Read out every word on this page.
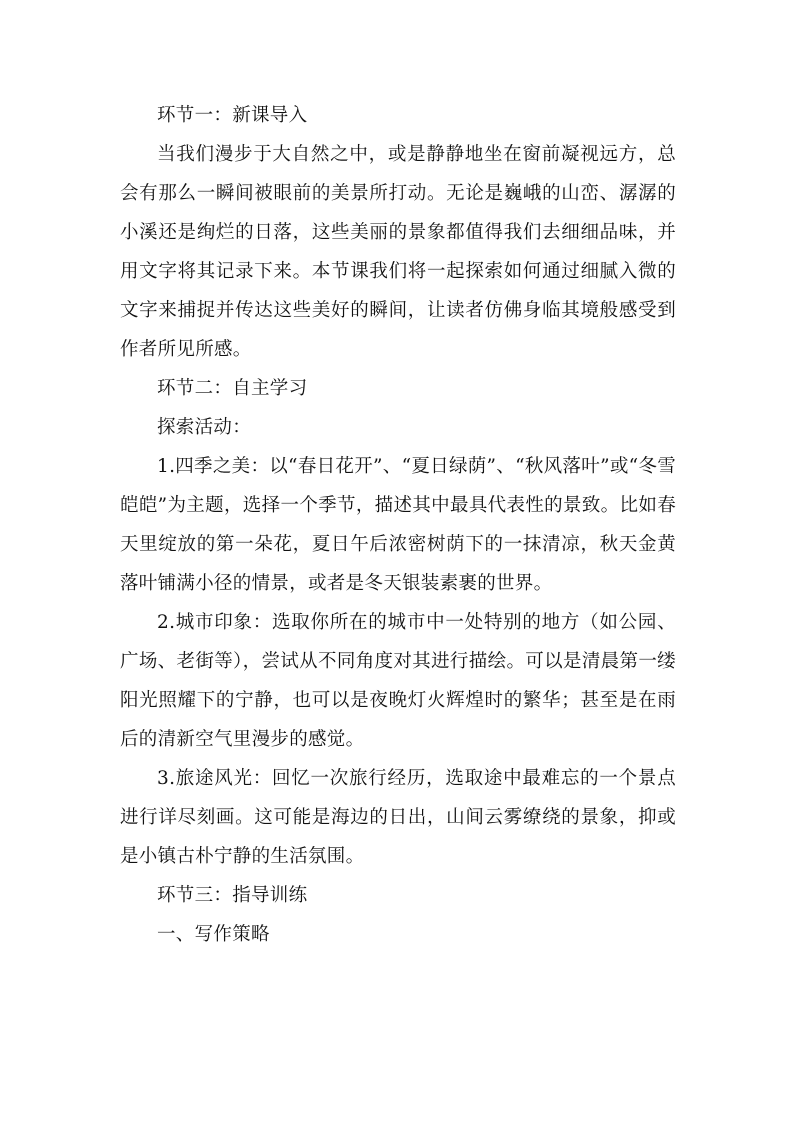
环节一：新课导入

当我们漫步于大自然之中，或是静静地坐在窗前凝视远方，总会有那么一瞬间被眼前的美景所打动。无论是巍峨的山峦、潺潺的小溪还是绚烂的日落，这些美丽的景象都值得我们去细细品味，并用文字将其记录下来。本节课我们将一起探索如何通过细腻入微的文字来捕捉并传达这些美好的瞬间，让读者仿佛身临其境般感受到作者所见所感。

环节二：自主学习

探索活动：

1.四季之美：以“春日花开”、“夏日绿荫”、“秋风落叶”或“冬雪皑皑”为主题，选择一个季节，描述其中最具代表性的景致。比如春天里绽放的第一朵花，夏日午后浓密树荫下的一抹清凉，秋天金黄落叶铺满小径的情景，或者是冬天银装素裹的世界。

2.城市印象：选取你所在的城市中一处特别的地方（如公园、广场、老街等），尝试从不同角度对其进行描绘。可以是清晨第一缕阳光照耀下的宁静，也可以是夜晚灯火辉煌时的繁华；甚至是在雨后的清新空气里漫步的感觉。

3.旅途风光：回忆一次旅行经历，选取途中最难忘的一个景点进行详尽刻画。这可能是海边的日出，山间云雾缭绕的景象，抑或是小镇古朴宁静的生活氛围。

环节三：指导训练

一、写作策略
